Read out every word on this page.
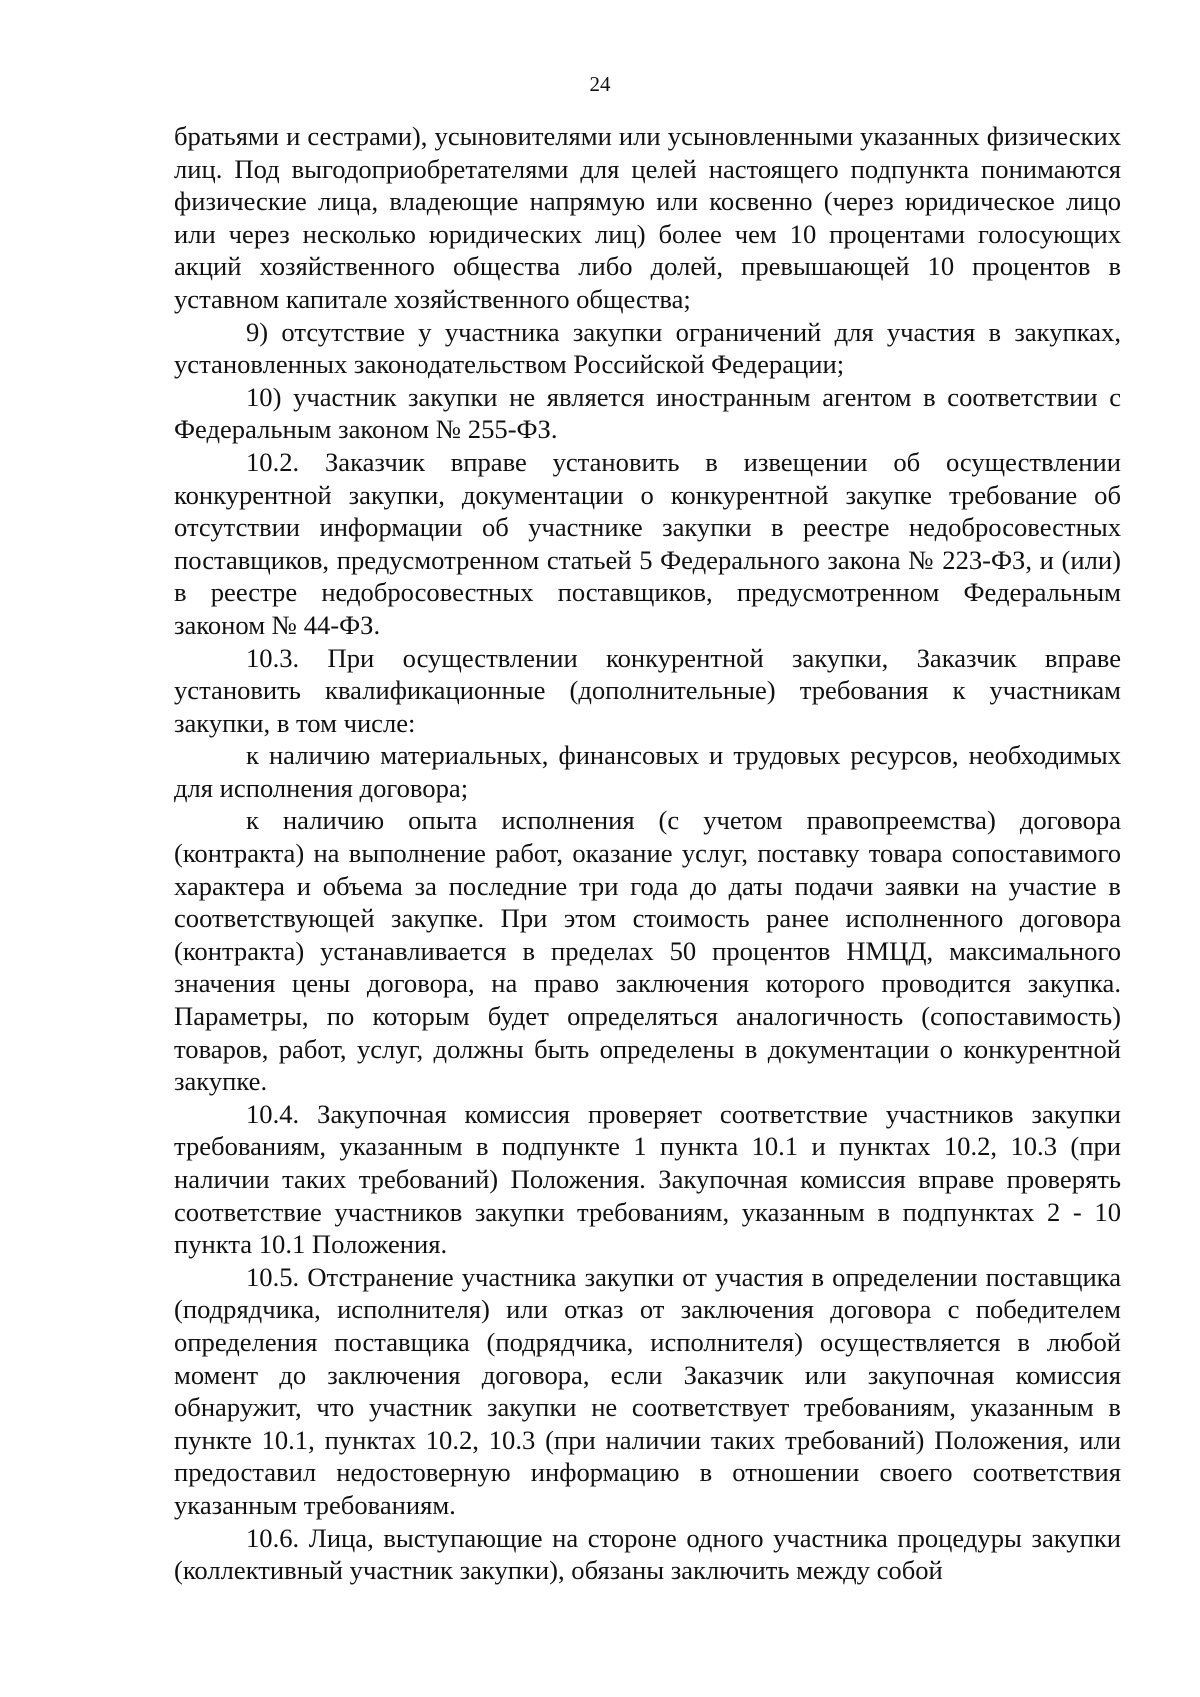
24

братьями и сестрами), усыновителями или усыновленными указанных физических лиц. Под выгодоприобретателями для целей настоящего подпункта понимаются физические лица, владеющие напрямую или косвенно (через юридическое лицо или через несколько юридических лиц) более чем 10 процентами голосующих акций хозяйственного общества либо долей, превышающей 10 процентов в уставном капитале хозяйственного общества;

9) отсутствие у участника закупки ограничений для участия в закупках, установленных законодательством Российской Федерации;

10) участник закупки не является иностранным агентом в соответствии с Федеральным законом № 255-ФЗ.

10.2. Заказчик вправе установить в извещении об осуществлении конкурентной закупки, документации о конкурентной закупке требование об отсутствии информации об участнике закупки в реестре недобросовестных поставщиков, предусмотренном статьей 5 Федерального закона № 223-ФЗ, и (или) в реестре недобросовестных поставщиков, предусмотренном Федеральным законом № 44-ФЗ.

10.3. При осуществлении конкурентной закупки, Заказчик вправе установить квалификационные (дополнительные) требования к участникам закупки, в том числе:

к наличию материальных, финансовых и трудовых ресурсов, необходимых для исполнения договора;

к наличию опыта исполнения (с учетом правопреемства) договора (контракта) на выполнение работ, оказание услуг, поставку товара сопоставимого характера и объема за последние три года до даты подачи заявки на участие в соответствующей закупке. При этом стоимость ранее исполненного договора (контракта) устанавливается в пределах 50 процентов НМЦД, максимального значения цены договора, на право заключения которого проводится закупка. Параметры, по которым будет определяться аналогичность (сопоставимость) товаров, работ, услуг, должны быть определены в документации о конкурентной закупке.

10.4. Закупочная комиссия проверяет соответствие участников закупки требованиям, указанным в подпункте 1 пункта 10.1 и пунктах 10.2, 10.3 (при наличии таких требований) Положения. Закупочная комиссия вправе проверять соответствие участников закупки требованиям, указанным в подпунктах 2 - 10 пункта 10.1 Положения.

10.5. Отстранение участника закупки от участия в определении поставщика (подрядчика, исполнителя) или отказ от заключения договора с победителем определения поставщика (подрядчика, исполнителя) осуществляется в любой момент до заключения договора, если Заказчик или закупочная комиссия обнаружит, что участник закупки не соответствует требованиям, указанным в пункте 10.1, пунктах 10.2, 10.3 (при наличии таких требований) Положения, или предоставил недостоверную информацию в отношении своего соответствия указанным требованиям.

10.6. Лица, выступающие на стороне одного участника процедуры закупки (коллективный участник закупки), обязаны заключить между собой
